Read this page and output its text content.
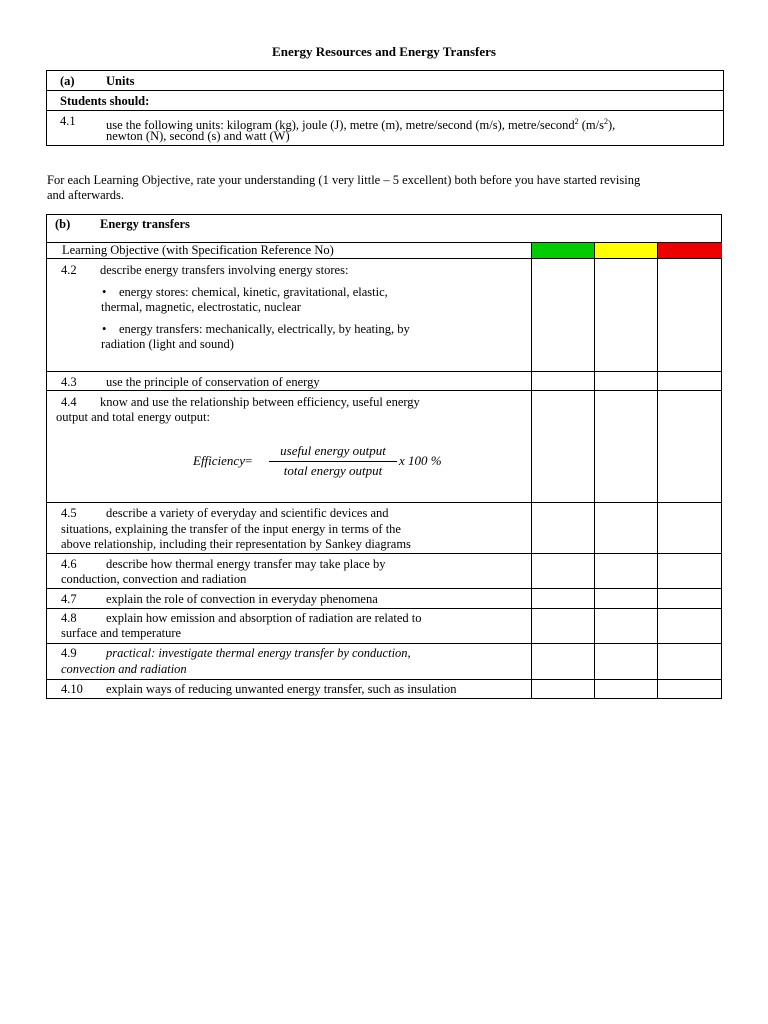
Energy Resources and Energy Transfers
(a)	Units
Students should:
4.1 use the following units: kilogram (kg), joule (J), metre (m), metre/second (m/s), metre/second$^2$ $(m/s^2)$,
newton (N), second (s) and watt (W)
For each Learning Objective, rate your understanding (1 very little – 5 excellent) both before you have started revising
and afterwards.
(b) Energy transfers
Learning Objective (with Specification Reference No)
4.2 describe energy transfers involving energy stores:
• energy stores: chemical, kinetic, gravitational, elastic,
thermal, magnetic, electrostatic, nuclear
• energy transfers: mechanically, electrically, by heating, by
radiation (light and sound)
4.3 use the principle of conservation of energy
4.4 know and use the relationship between efficiency, useful energy
output and total energy output:
Efficiency=
useful energy output
total energy output
x 100 %
4.5 describe a variety of everyday and scientific devices and
situations, explaining the transfer of the input energy in terms of the
above relationship, including their representation by Sankey diagrams
4.6 describe how thermal energy transfer may take place by
conduction, convection and radiation
4.7 explain the role of convection in everyday phenomena
4.8 explain how emission and absorption of radiation are related to
surface and temperature
4.9 practical: investigate thermal energy transfer by conduction,
convection and radiation
4.10 explain ways of reducing unwanted energy transfer, such as insulation
